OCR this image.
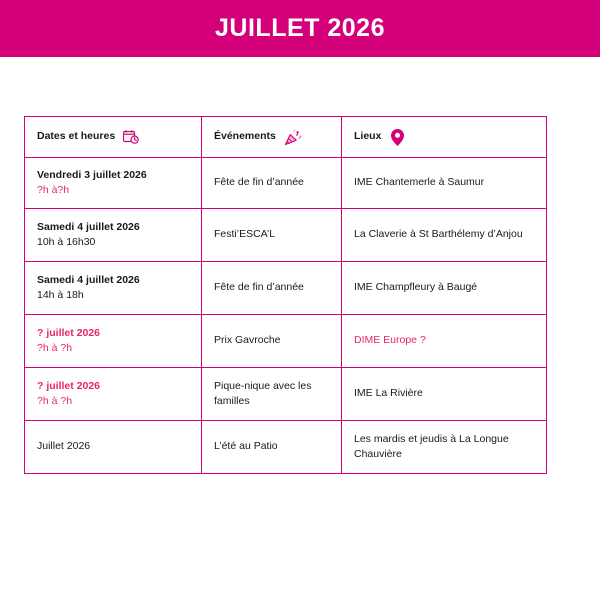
JUILLET 2026
Dates et heures	Événements	Lieux

Vendredi 3 juillet 2026
?h à?h	Fête de fin d’année	IME Chantemerle à Saumur

Samedi 4 juillet 2026
10h à 16h30	Festi’ESCA’L	La Claverie à St Barthélemy d’Anjou

Samedi 4 juillet 2026
14h à 18h	Fête de fin d’année	IME Champfleury à Baugé

? juillet 2026
?h à ?h	Prix Gavroche	DIME Europe ?

? juillet 2026
?h à ?h	Pique-nique avec les familles	IME La Rivière

Juillet 2026	L’été au Patio	Les mardis et jeudis à La Longue Chauvière
